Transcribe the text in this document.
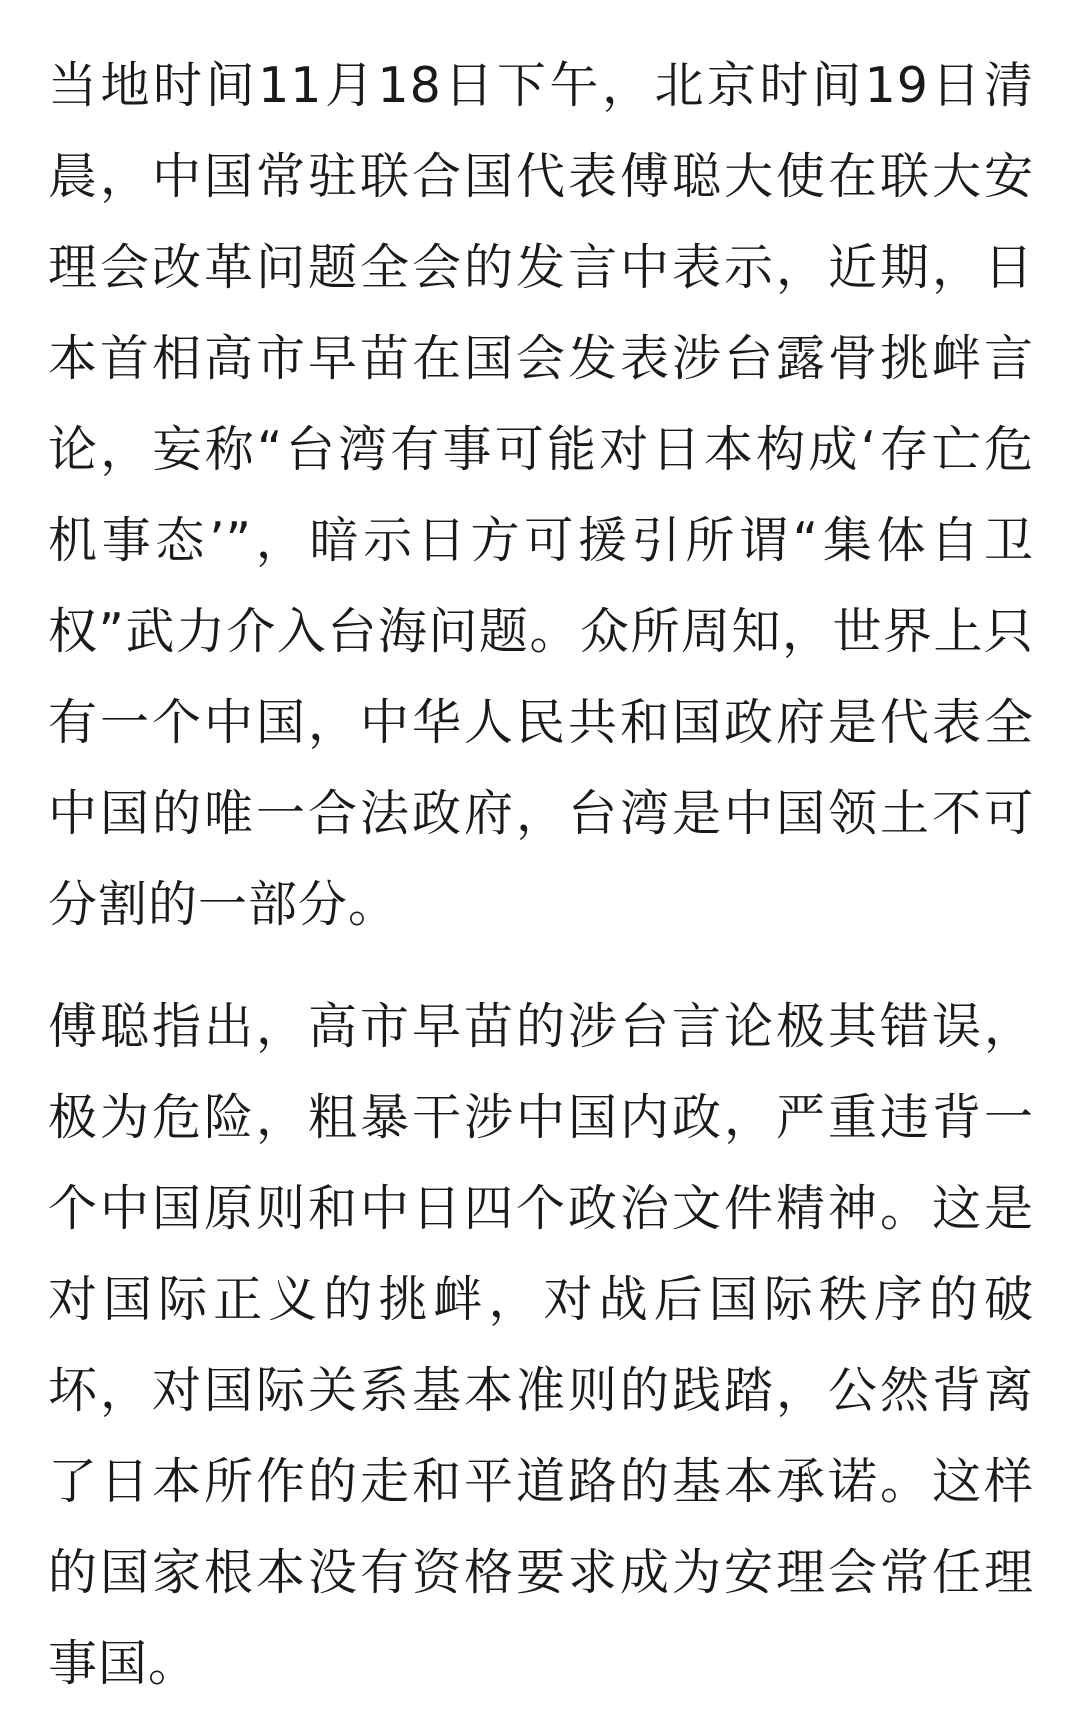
当地时间11月18日下午，北京时间19日清晨，中国常驻联合国代表傅聪大使在联大安理会改革问题全会的发言中表示，近期，日本首相高市早苗在国会发表涉台露骨挑衅言论，妄称“台湾有事可能对日本构成‘存亡危机事态’”，暗示日方可援引所谓“集体自卫权”武力介入台海问题。众所周知，世界上只有一个中国，中华人民共和国政府是代表全中国的唯一合法政府，台湾是中国领土不可分割的一部分。

傅聪指出，高市早苗的涉台言论极其错误，极为危险，粗暴干涉中国内政，严重违背一个中国原则和中日四个政治文件精神。这是对国际正义的挑衅，对战后国际秩序的破坏，对国际关系基本准则的践踏，公然背离了日本所作的走和平道路的基本承诺。这样的国家根本没有资格要求成为安理会常任理事国。
